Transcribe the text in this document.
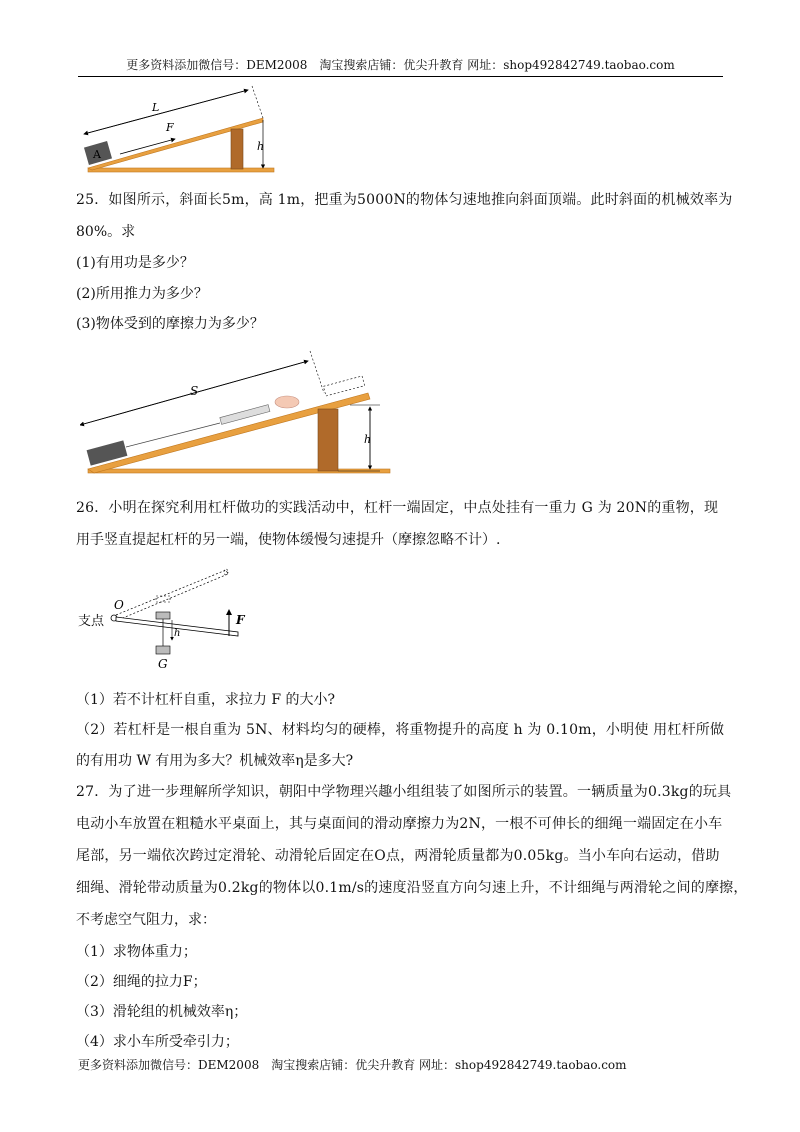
更多资料添加微信号：DEM2008　淘宝搜索店铺：优尖升教育 网址：shop492842749.taobao.com
A
L
F
h
25．如图所示，斜面长5m，高 1m，把重为5000N的物体匀速地推向斜面顶端。此时斜面的机械效率为
80%。求
(1)有用功是多少？
(2)所用推力为多少？
(3)物体受到的摩擦力为多少？
S
h
26．小明在探究利用杠杆做功的实践活动中，杠杆一端固定，中点处挂有一重力 G 为 20N的重物，现
用手竖直提起杠杆的另一端，使物体缓慢匀速提升（摩擦忽略不计）.
O
支点
h
G
F
（1）若不计杠杆自重，求拉力 F 的大小?
（2）若杠杆是一根自重为 5N、材料均匀的硬棒，将重物提升的高度 h 为 0.10m，小明使 用杠杆所做
的有用功 W 有用为多大？机械效率η是多大?
27．为了进一步理解所学知识，朝阳中学物理兴趣小组组装了如图所示的装置。一辆质量为0.3kg的玩具
电动小车放置在粗糙水平桌面上，其与桌面间的滑动摩擦力为2N，一根不可伸长的细绳一端固定在小车
尾部，另一端依次跨过定滑轮、动滑轮后固定在O点，两滑轮质量都为0.05kg。当小车向右运动，借助
细绳、滑轮带动质量为0.2kg的物体以0.1m/s的速度沿竖直方向匀速上升，不计细绳与两滑轮之间的摩擦，
不考虑空气阻力，求：
（1）求物体重力；
（2）细绳的拉力F；
（3）滑轮组的机械效率η；
（4）求小车所受牵引力；
更多资料添加微信号：DEM2008　淘宝搜索店铺：优尖升教育 网址：shop492842749.taobao.com
